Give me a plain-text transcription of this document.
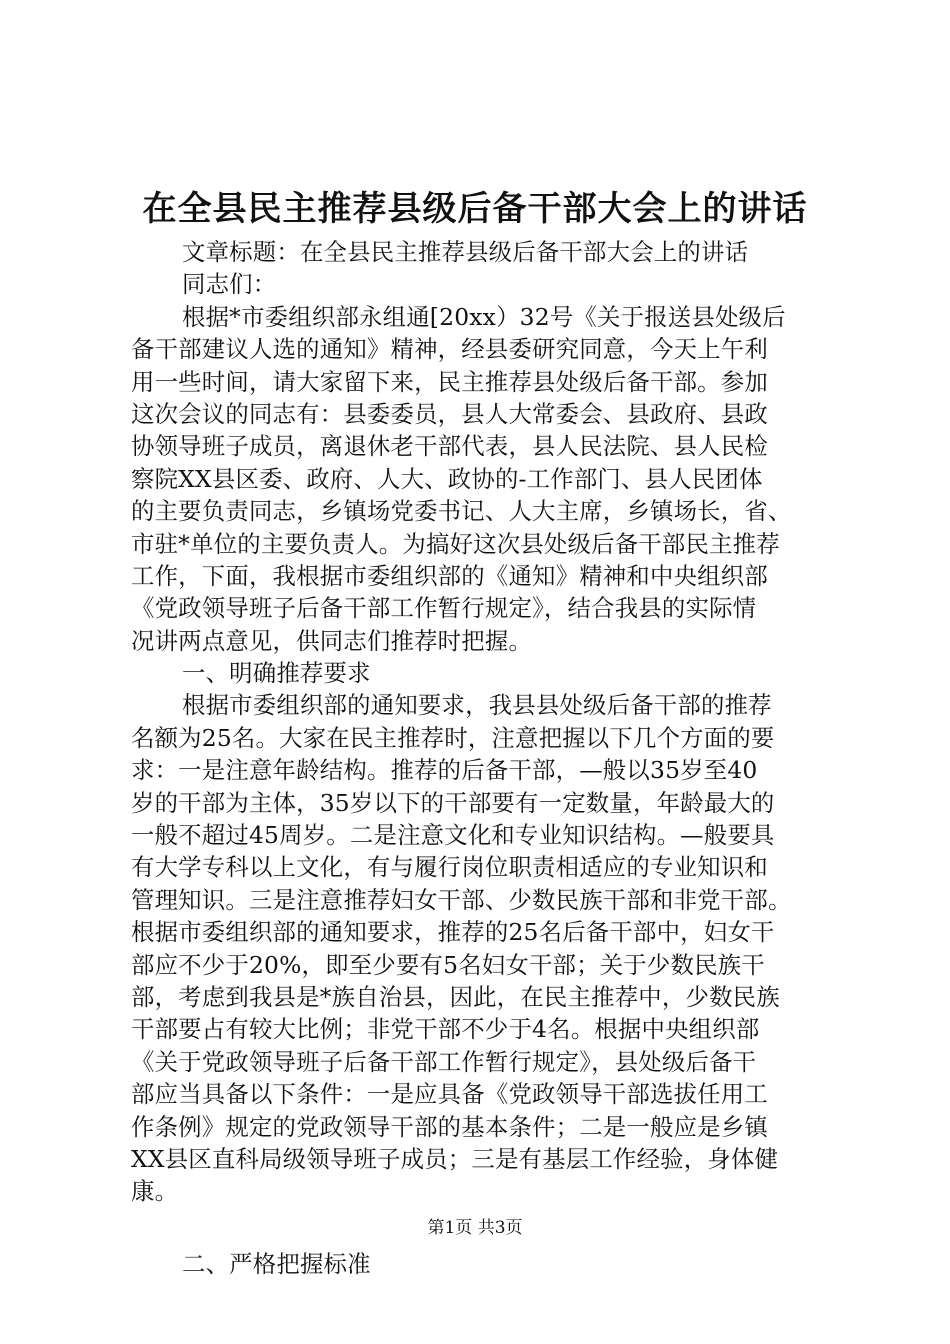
在全县民主推荐县级后备干部大会上的讲话
文章标题：在全县民主推荐县级后备干部大会上的讲话
同志们：
根据*市委组织部永组通[20xx）32号《关于报送县处级后
备干部建议人选的通知》精神，经县委研究同意，今天上午利
用一些时间，请大家留下来，民主推荐县处级后备干部。参加
这次会议的同志有：县委委员，县人大常委会、县政府、县政
协领导班子成员，离退休老干部代表，县人民法院、县人民检
察院XX县区委、政府、人大、政协的-工作部门、县人民团体
的主要负责同志，乡镇场党委书记、人大主席，乡镇场长，省、
市驻*单位的主要负责人。为搞好这次县处级后备干部民主推荐
工作，下面，我根据市委组织部的《通知》精神和中央组织部
《党政领导班子后备干部工作暂行规定》，结合我县的实际情
况讲两点意见，供同志们推荐时把握。
一、明确推荐要求
根据市委组织部的通知要求，我县县处级后备干部的推荐
名额为25名。大家在民主推荐时，注意把握以下几个方面的要
求：一是注意年龄结构。推荐的后备干部，—般以35岁至40
岁的干部为主体，35岁以下的干部要有一定数量，年龄最大的
一般不超过45周岁。二是注意文化和专业知识结构。—般要具
有大学专科以上文化，有与履行岗位职责相适应的专业知识和
管理知识。三是注意推荐妇女干部、少数民族干部和非党干部。
根据市委组织部的通知要求，推荐的25名后备干部中，妇女干
部应不少于20%，即至少要有5名妇女干部；关于少数民族干
部，考虑到我县是*族自治县，因此，在民主推荐中，少数民族
干部要占有较大比例；非党干部不少于4名。根据中央组织部
《关于党政领导班子后备干部工作暂行规定》，县处级后备干
部应当具备以下条件：一是应具备《党政领导干部选拔任用工
作条例》规定的党政领导干部的基本条件；二是一般应是乡镇
XX县区直科局级领导班子成员；三是有基层工作经验，身体健
康。
二、严格把握标准
第1页 共3页
